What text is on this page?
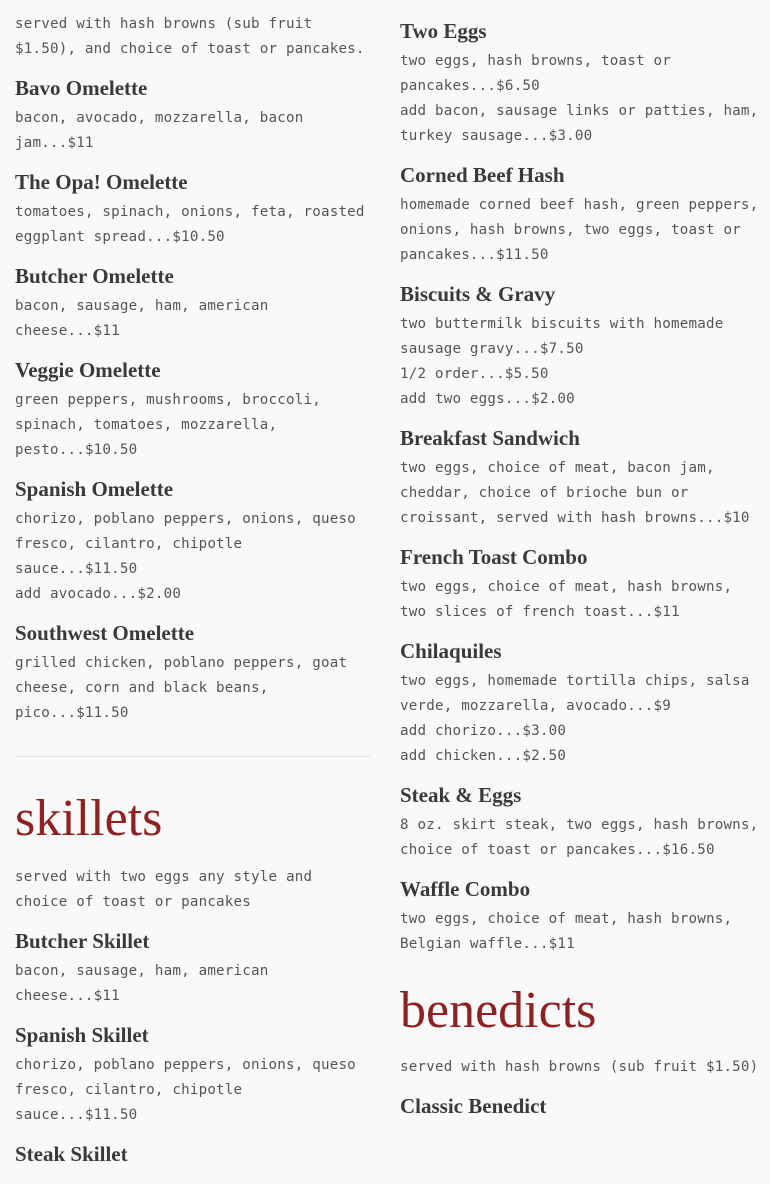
served with hash browns (sub fruit $1.50), and choice of toast or pancakes.

Bavo Omelette

bacon, avocado, mozzarella, bacon jam...$11

The Opa! Omelette

tomatoes, spinach, onions, feta, roasted eggplant spread...$10.50

Butcher Omelette

bacon, sausage, ham, american cheese...$11

Veggie Omelette

green peppers, mushrooms, broccoli, spinach, tomatoes, mozzarella, pesto...$10.50

Spanish Omelette

chorizo, poblano peppers, onions, queso fresco, cilantro, chipotle sauce...$11.50

add avocado...$2.00

Southwest Omelette

grilled chicken, poblano peppers, goat cheese, corn and black beans, pico...$11.50

skillets

served with two eggs any style and choice of toast or pancakes

Butcher Skillet

bacon, sausage, ham, american cheese...$11

Spanish Skillet

chorizo, poblano peppers, onions, queso fresco, cilantro, chipotle sauce...$11.50

Steak Skillet
Two Eggs

two eggs, hash browns, toast or pancakes...$6.50

add bacon, sausage links or patties, ham, turkey sausage...$3.00

Corned Beef Hash

homemade corned beef hash, green peppers, onions, hash browns, two eggs, toast or pancakes...$11.50

Biscuits & Gravy

two buttermilk biscuits with homemade sausage gravy...$7.50

1/2 order...$5.50

add two eggs...$2.00

Breakfast Sandwich

two eggs, choice of meat, bacon jam, cheddar, choice of brioche bun or croissant, served with hash browns...$10

French Toast Combo

two eggs, choice of meat, hash browns, two slices of french toast...$11

Chilaquiles

two eggs, homemade tortilla chips, salsa verde, mozzarella, avocado...$9

add chorizo...$3.00

add chicken...$2.50

Steak & Eggs

8 oz. skirt steak, two eggs, hash browns, choice of toast or pancakes...$16.50

Waffle Combo

two eggs, choice of meat, hash browns, Belgian waffle...$11

benedicts

served with hash browns (sub fruit $1.50)

Classic Benedict
